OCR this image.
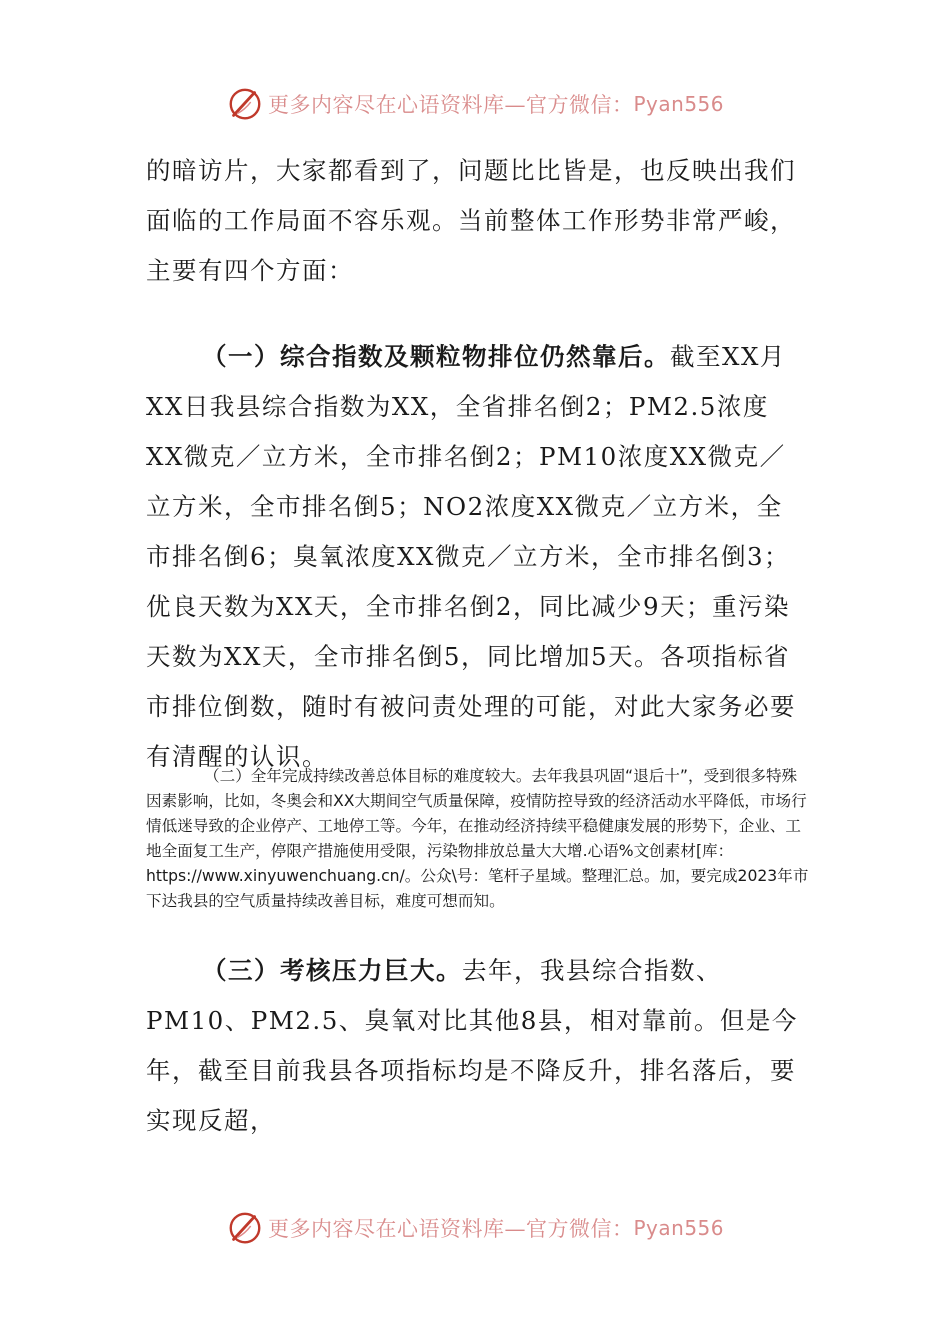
更多内容尽在心语资料库—官方微信： Pyan556

的暗访片，大家都看到了，问题比比皆是，也反映出我们面临的工作局面不容乐观。当前整体工作形势非常严峻，主要有四个方面：

（一）综合指数及颗粒物排位仍然靠后。截至XX月XX日我县综合指数为XX，全省排名倒2；PM2.5浓度XX微克／立方米，全市排名倒2；PM10浓度XX微克／立方米，全市排名倒5；NO2浓度XX微克／立方米，全市排名倒6；臭氧浓度XX微克／立方米，全市排名倒3；优良天数为XX天，全市排名倒2，同比减少9天；重污染天数为XX天，全市排名倒5，同比增加5天。各项指标省市排位倒数，随时有被问责处理的可能，对此大家务必要有清醒的认识。

（二）全年完成持续改善总体目标的难度较大。去年我县巩固“退后十”，受到很多特殊因素影响，比如，冬奥会和XX大期间空气质量保障，疫情防控导致的经济活动水平降低，市场行情低迷导致的企业停产、工地停工等。今年，在推动经济持续平稳健康发展的形势下，企业、工地全面复工生产，停限产措施使用受限，污染物排放总量大大增.心语%文创素材[库：https://www.xinyuwenchuang.cn/。公众\号：笔杆子星域。整理汇总。加，要完成2023年市下达我县的空气质量持续改善目标，难度可想而知。

（三）考核压力巨大。去年，我县综合指数、PM10、PM2.5、臭氧对比其他8县，相对靠前。但是今年，截至目前我县各项指标均是不降反升，排名落后，要实现反超，

更多内容尽在心语资料库—官方微信： Pyan556
